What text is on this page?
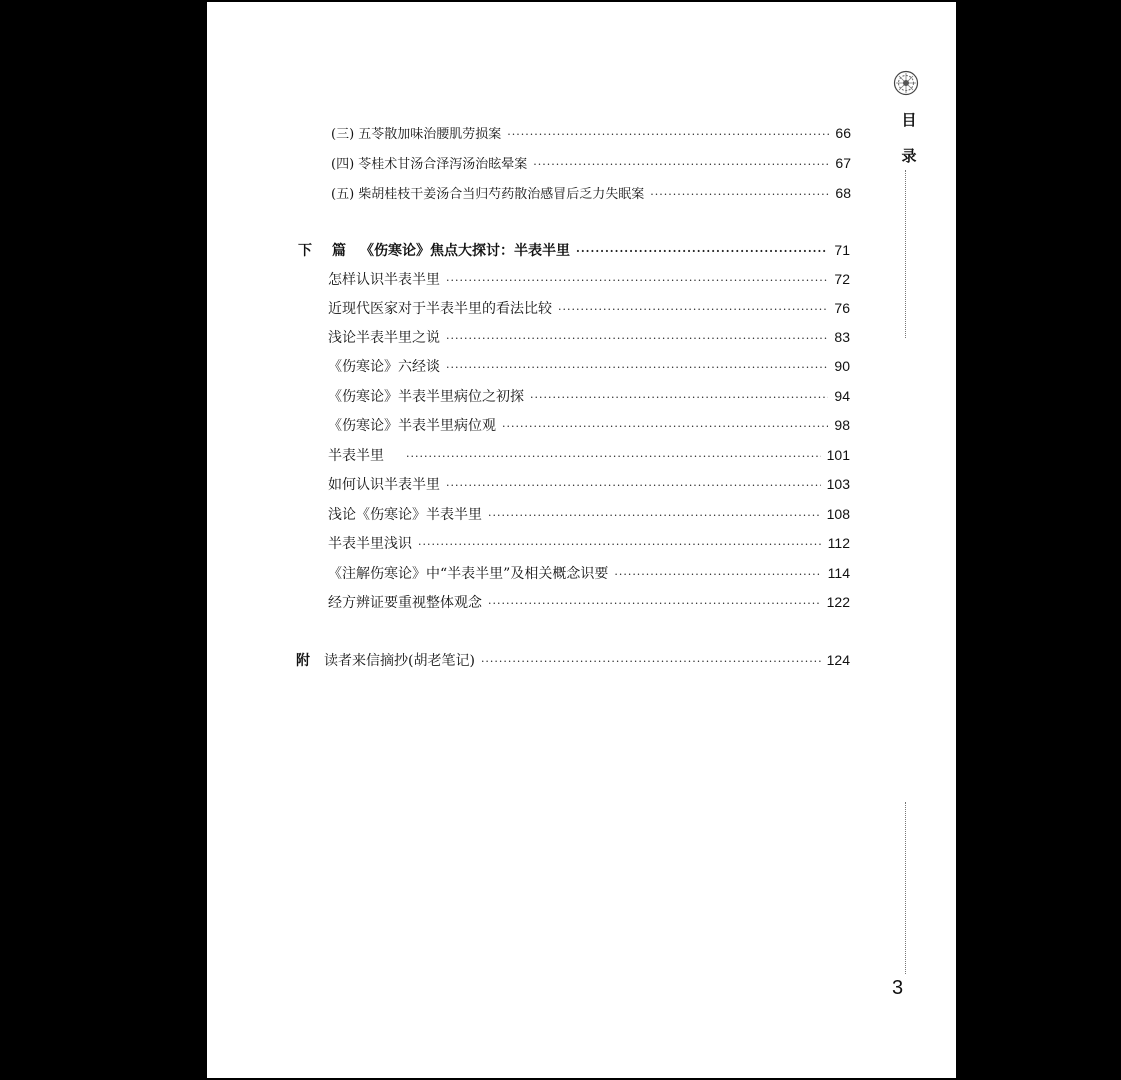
目
录
(三) 五苓散加味治腰肌劳损案 ·····	66
(四) 苓桂术甘汤合泽泻汤治眩晕案 ·····	67
(五) 柴胡桂枝干姜汤合当归芍药散治感冒后乏力失眠案 ·····	68
下 篇 《伤寒论》焦点大探讨：半表半里 ·····	71
怎样认识半表半里 ·····	72
近现代医家对于半表半里的看法比较 ·····	76
浅论半表半里之说 ·····	83
《伤寒论》六经谈 ·····	90
《伤寒论》半表半里病位之初探 ·····	94
《伤寒论》半表半里病位观 ·····	98
半表半里 ·····	101
如何认识半表半里 ·····	103
浅论《伤寒论》半表半里 ·····	108
半表半里浅识 ·····	112
《注解伤寒论》中“半表半里”及相关概念识要 ·····	114
经方辨证要重视整体观念 ·····	122
附 读者来信摘抄(胡老笔记) ·····	124
3
